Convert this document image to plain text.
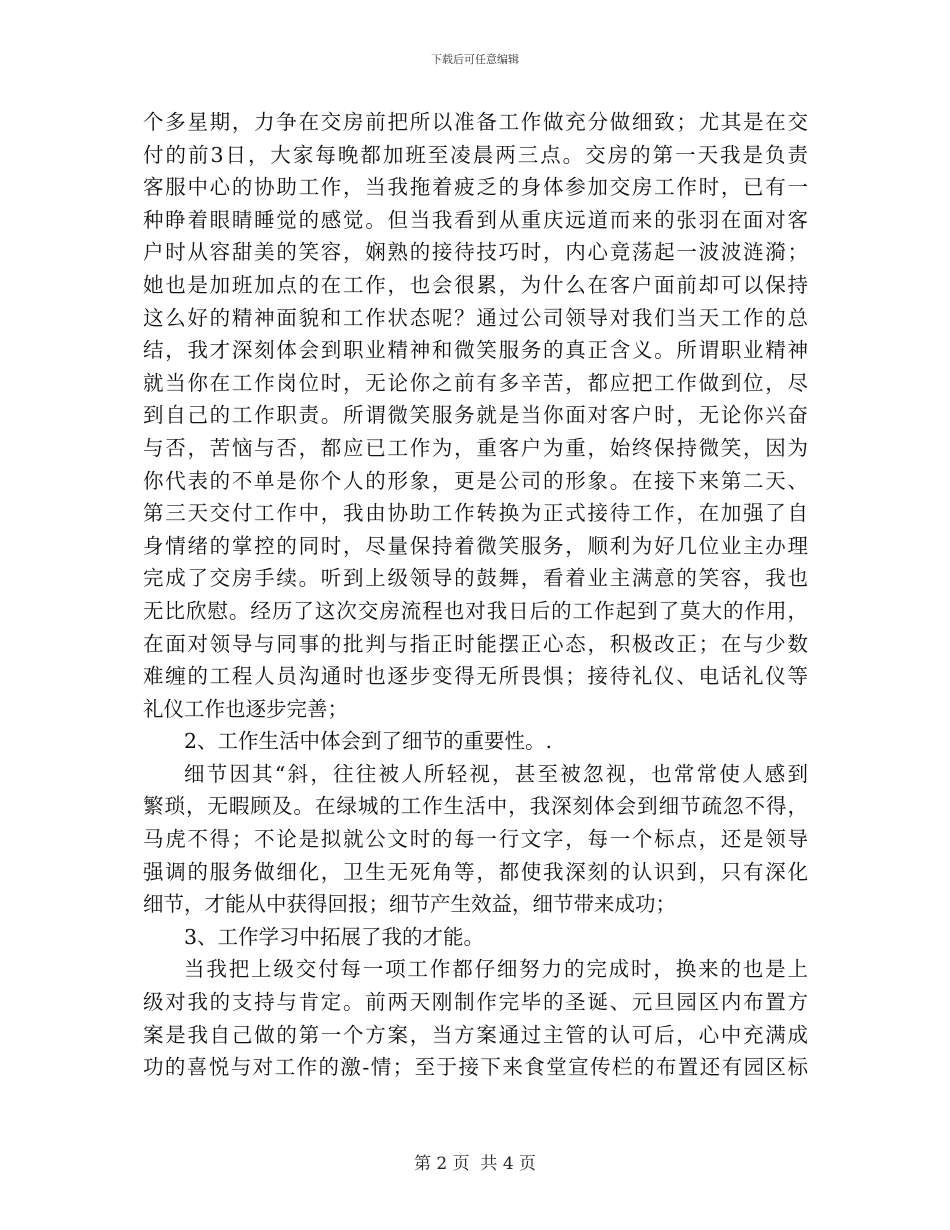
下载后可任意编辑
个多星期，力争在交房前把所以准备工作做充分做细致；尤其是在交
付的前3日，大家每晚都加班至凌晨两三点。交房的第一天我是负责
客服中心的协助工作，当我拖着疲乏的身体参加交房工作时，已有一
种睁着眼睛睡觉的感觉。但当我看到从重庆远道而来的张羽在面对客
户时从容甜美的笑容，娴熟的接待技巧时，内心竟荡起一波波涟漪；
她也是加班加点的在工作，也会很累，为什么在客户面前却可以保持
这么好的精神面貌和工作状态呢？通过公司领导对我们当天工作的总
结，我才深刻体会到职业精神和微笑服务的真正含义。所谓职业精神
就当你在工作岗位时，无论你之前有多辛苦，都应把工作做到位，尽
到自己的工作职责。所谓微笑服务就是当你面对客户时，无论你兴奋
与否，苦恼与否，都应已工作为，重客户为重，始终保持微笑，因为
你代表的不单是你个人的形象，更是公司的形象。在接下来第二天、
第三天交付工作中，我由协助工作转换为正式接待工作，在加强了自
身情绪的掌控的同时，尽量保持着微笑服务，顺利为好几位业主办理
完成了交房手续。听到上级领导的鼓舞，看着业主满意的笑容，我也
无比欣慰。经历了这次交房流程也对我日后的工作起到了莫大的作用，
在面对领导与同事的批判与指正时能摆正心态，积极改正；在与少数
难缠的工程人员沟通时也逐步变得无所畏惧；接待礼仪、电话礼仪等
礼仪工作也逐步完善；
2、工作生活中体会到了细节的重要性。.
细节因其“斜，往往被人所轻视，甚至被忽视，也常常使人感到
繁琐，无暇顾及。在绿城的工作生活中，我深刻体会到细节疏忽不得，
马虎不得；不论是拟就公文时的每一行文字，每一个标点，还是领导
强调的服务做细化，卫生无死角等，都使我深刻的认识到，只有深化
细节，才能从中获得回报；细节产生效益，细节带来成功；
3、工作学习中拓展了我的才能。
当我把上级交付每一项工作都仔细努力的完成时，换来的也是上
级对我的支持与肯定。前两天刚制作完毕的圣诞、元旦园区内布置方
案是我自己做的第一个方案，当方案通过主管的认可后，心中充满成
功的喜悦与对工作的激-情；至于接下来食堂宣传栏的布置还有园区标
第 2 页  共 4 页
